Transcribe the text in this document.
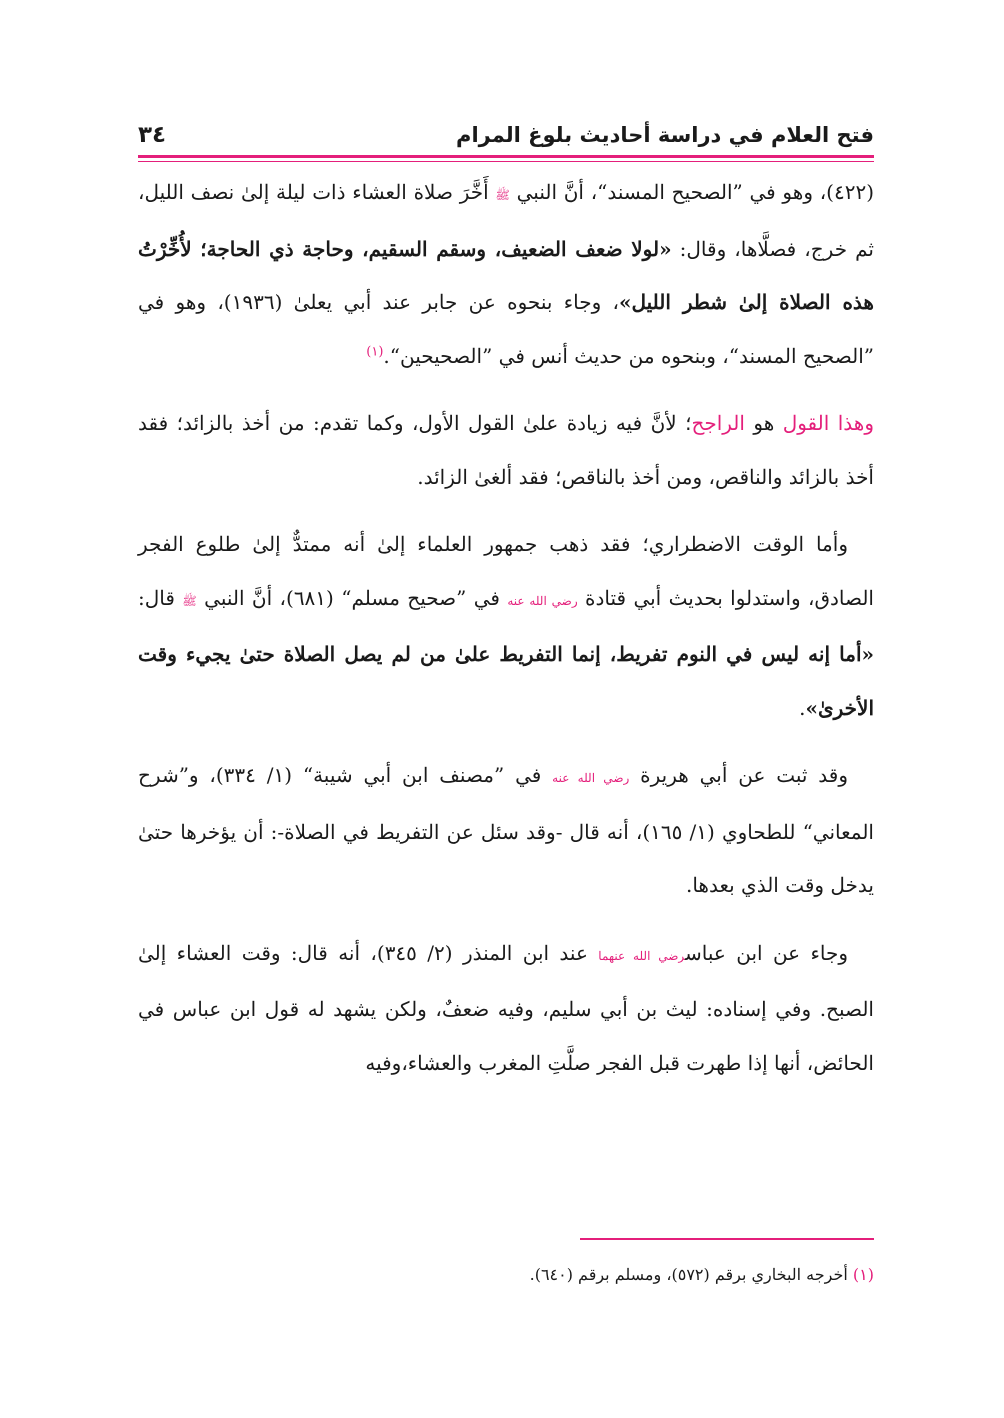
فتح العلام في دراسة أحاديث بلوغ المرام
٣٤

(٤٢٢)، وهو في ”الصحيح المسند“، أنَّ النبي ﷺ أَخَّرَ صلاة العشاء ذات ليلة إلىٰ نصف الليل، ثم خرج، فصلَّاها، وقال: «لولا ضعف الضعيف، وسقم السقيم، وحاجة ذي الحاجة؛ لأُخِّرْتُ هذه الصلاة إلىٰ شطر الليل»، وجاء بنحوه عن جابر عند أبي يعلىٰ (١٩٣٦)، وهو في ”الصحيح المسند“، وبنحوه من حديث أنس في ”الصحيحين“.$^{(١)}$

وهذا القول هو الراجح؛ لأنَّ فيه زيادة علىٰ القول الأول، وكما تقدم: من أخذ بالزائد؛ فقد أخذ بالزائد والناقص، ومن أخذ بالناقص؛ فقد ألغىٰ الزائد.

وأما الوقت الاضطراري؛ فقد ذهب جمهور العلماء إلىٰ أنه ممتدٌّ إلىٰ طلوع الفجر الصادق، واستدلوا بحديث أبي قتادة رضي الله عنه في ”صحيح مسلم“ (٦٨١)، أنَّ النبي ﷺ قال: «أما إنه ليس في النوم تفريط، إنما التفريط علىٰ من لم يصل الصلاة حتىٰ يجيء وقت الأخرىٰ».

وقد ثبت عن أبي هريرة رضي الله عنه في ”مصنف ابن أبي شيبة“ (١/ ٣٣٤)، و”شرح المعاني“ للطحاوي (١/ ١٦٥)، أنه قال -وقد سئل عن التفريط في الصلاة-: أن يؤخرها حتىٰ يدخل وقت الذي بعدها.

وجاء عن ابن عباسرضي الله عنهما عند ابن المنذر (٢/ ٣٤٥)، أنه قال: وقت العشاء إلىٰ الصبح. وفي إسناده: ليث بن أبي سليم، وفيه ضعفٌ، ولكن يشهد له قول ابن عباس في الحائض، أنها إذا طهرت قبل الفجر صلَّتِ المغرب والعشاء،وفيه

(١) أخرجه البخاري برقم (٥٧٢)، ومسلم برقم (٦٤٠).
